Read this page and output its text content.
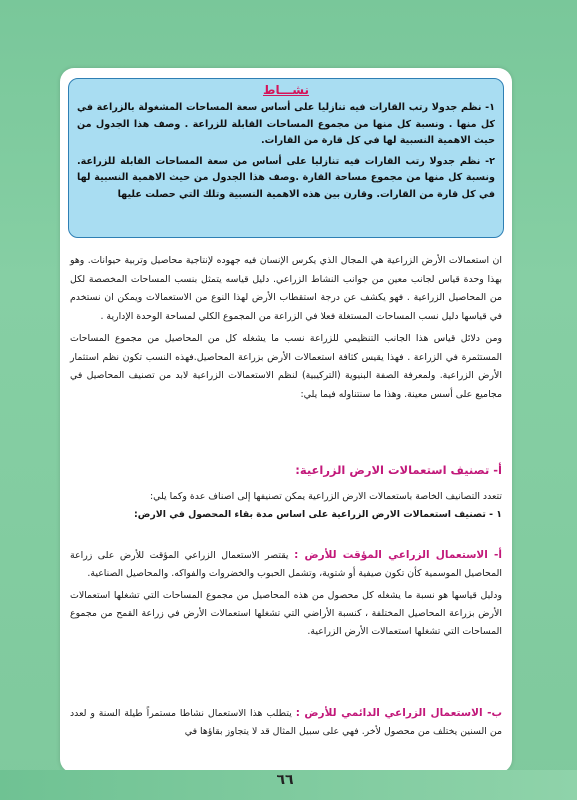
نشـــاط

١- نظم جدولا رتب القارات فيه تنازليا على أساس سعة المساحات المشغولة بالزراعة في كل منها . ونسبة كل منها من مجموع المساحات القابلة للزراعة . وصف هذا الجدول من حيث الاهمية النسبية لها في كل قارة من القارات.

٢- نظم جدولا رتب القارات فيه تنازليا على أساس من سعة المساحات القابلة للزراعة. ونسبة كل منها من مجموع مساحة القارة .وصف هذا الجدول من حيث الاهمية النسبية لها في كل قارة من القارات. وقارن بين هذه الاهمية النسبية وتلك التي حصلت عليها

ان استعمالات الأرض الزراعية هي المجال الذي يكرس الإنسان فيه جهوده لإنتاجية محاصيل وتربية حيوانات. وهو بهذا وحدة قياس لجانب معين من جوانب النشاط الزراعي. دليل قياسه يتمثل بنسب المساحات المخصصة لكل من المحاصيل الزراعية . فهو يكشف عن درجة استقطاب الأرض لهذا النوع من الاستعمالات ويمكن ان نستخدم في قياسها دليل نسب المساحات المستغلة فعلا في الزراعة من المجموع الكلي لمساحة الوحدة الإدارية .

ومن دلائل قياس هذا الجانب التنظيمي للزراعة نسب ما يشغله كل من المحاصيل من مجموع المساحات المستثمرة في الزراعة . فهذا يقيس كثافة استعمالات الأرض بزراعة المحاصيل.فهذه النسب تكون نظم استثمار الأرض الزراعية. ولمعرفة الصفة البنيوية (التركيبية) لنظم الاستعمالات الزراعية لابد من تصنيف المحاصيل في مجاميع على أسس معينة. وهذا ما سنتناوله فيما يلي:

أ- تصنيف استعمالات الارض الزراعية:

تتعدد التصانيف الخاصة باستعمالات الارض الزراعية يمكن تصنيفها إلى اصناف عدة وكما يلي:

١ - تصنيف استعمالات الارض الزراعية على اساس مدة بقاء المحصول في الارض:

أ- الاستعمال الزراعي المؤقت للأرض : يقتصر الاستعمال الزراعي المؤقت للأرض على زراعة المحاصيل الموسمية كأن تكون صيفية أو شتوية، وتشمل الحبوب والخضروات والفواكه. والمحاصيل الصناعية.

ودليل قياسها هو نسبة ما يشغله كل محصول من هذه المحاصيل من مجموع المساحات التي تشغلها استعمالات الأرض بزراعة المحاصيل المختلفة ، كنسبة الأراضي التي تشغلها استعمالات الأرض في زراعة القمح من مجموع المساحات التي تشغلها استعمالات الأرض الزراعية.

ب- الاستعمال الزراعي الدائمي للأرض : يتطلب هذا الاستعمال نشاطا مستمراً طيلة السنة و لعدد من السنين يختلف من محصول لأخر. فهي على سبيل المثال قد لا يتجاوز بقاؤها في

٦٦
